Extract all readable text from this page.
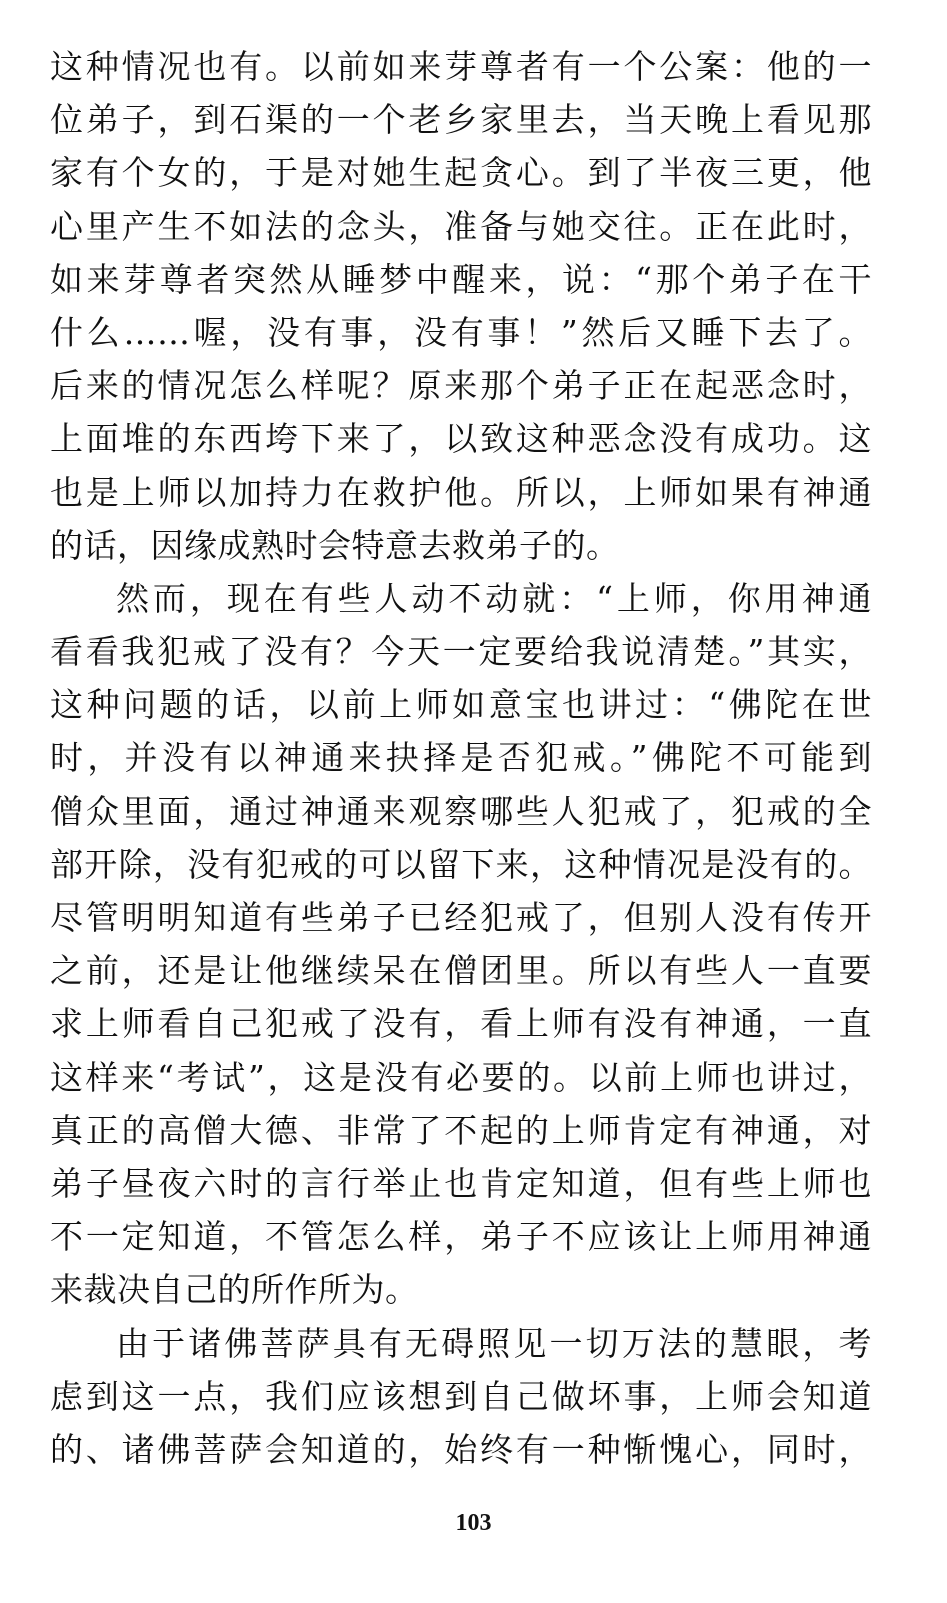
这种情况也有。以前如来芽尊者有一个公案：他的一
位弟子，到石渠的一个老乡家里去，当天晚上看见那
家有个女的，于是对她生起贪心。到了半夜三更，他
心里产生不如法的念头，准备与她交往。正在此时，
如来芽尊者突然从睡梦中醒来，说：“那个弟子在干
什么……喔，没有事，没有事！”然后又睡下去了。
后来的情况怎么样呢？原来那个弟子正在起恶念时，
上面堆的东西垮下来了，以致这种恶念没有成功。这
也是上师以加持力在救护他。所以，上师如果有神通
的话，因缘成熟时会特意去救弟子的。
然而，现在有些人动不动就：“上师，你用神通
看看我犯戒了没有？今天一定要给我说清楚。”其实，
这种问题的话，以前上师如意宝也讲过：“佛陀在世
时，并没有以神通来抉择是否犯戒。”佛陀不可能到
僧众里面，通过神通来观察哪些人犯戒了，犯戒的全
部开除，没有犯戒的可以留下来，这种情况是没有的。
尽管明明知道有些弟子已经犯戒了，但别人没有传开
之前，还是让他继续呆在僧团里。所以有些人一直要
求上师看自己犯戒了没有，看上师有没有神通，一直
这样来“考试”，这是没有必要的。以前上师也讲过，
真正的高僧大德、非常了不起的上师肯定有神通，对
弟子昼夜六时的言行举止也肯定知道，但有些上师也
不一定知道，不管怎么样，弟子不应该让上师用神通
来裁决自己的所作所为。
由于诸佛菩萨具有无碍照见一切万法的慧眼，考
虑到这一点，我们应该想到自己做坏事，上师会知道
的、诸佛菩萨会知道的，始终有一种惭愧心，同时，
103
